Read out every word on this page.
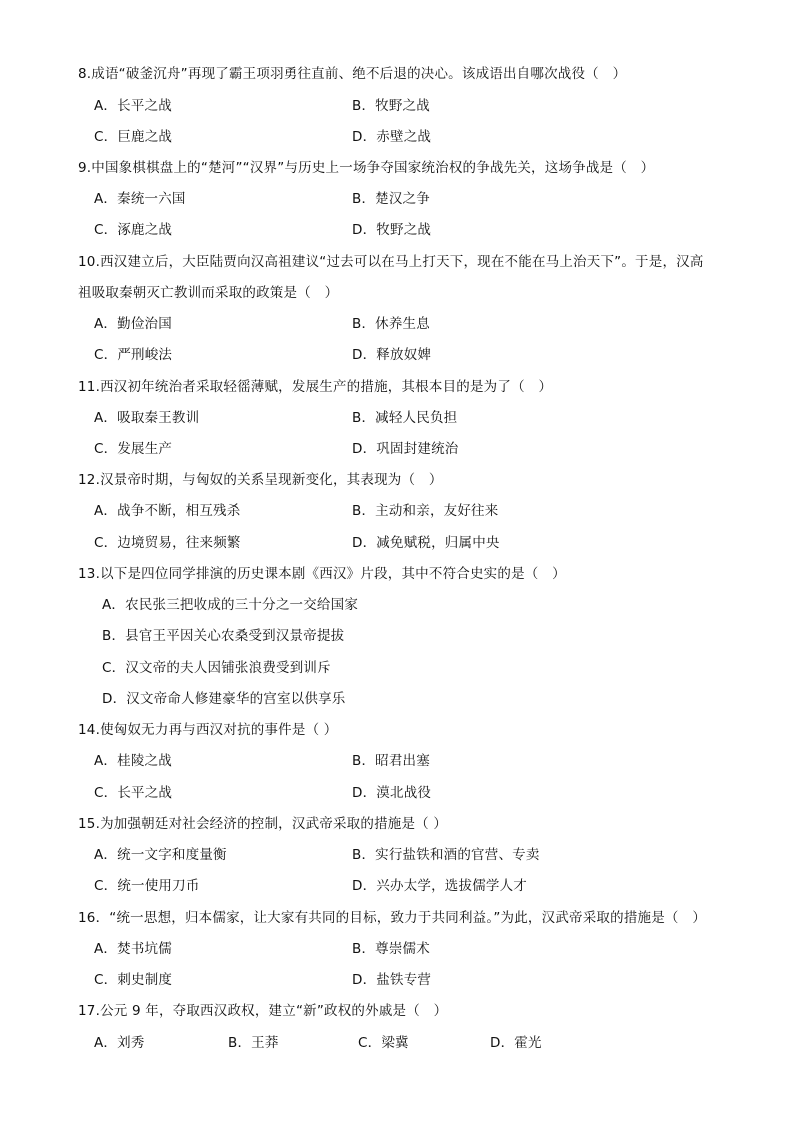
8.成语“破釜沉舟”再现了霸王项羽勇往直前、绝不后退的决心。该成语出自哪次战役（　）
A．长平之战	B．牧野之战
C．巨鹿之战	D．赤壁之战
9.中国象棋棋盘上的“楚河”“汉界”与历史上一场争夺国家统治权的争战先关，这场争战是（　）
A．秦统一六国	B．楚汉之争
C．涿鹿之战	D．牧野之战
10.西汉建立后，大臣陆贾向汉高祖建议“过去可以在马上打天下，现在不能在马上治天下”。于是，汉高
祖吸取秦朝灭亡教训而采取的政策是（　）
A．勤俭治国	B．休养生息
C．严刑峻法	D．释放奴婢
11.西汉初年统治者采取轻徭薄赋，发展生产的措施，其根本目的是为了（　）
A．吸取秦王教训	B．减轻人民负担
C．发展生产	D．巩固封建统治
12.汉景帝时期，与匈奴的关系呈现新变化，其表现为（　）
A．战争不断，相互残杀	B．主动和亲，友好往来
C．边境贸易，往来频繁	D．减免赋税，归属中央
13.以下是四位同学排演的历史课本剧《西汉》片段，其中不符合史实的是（　）
A．农民张三把收成的三十分之一交给国家
B．县官王平因关心农桑受到汉景帝提拔
C．汉文帝的夫人因铺张浪费受到训斥
D．汉文帝命人修建豪华的宫室以供享乐
14.使匈奴无力再与西汉对抗的事件是（ ）
A．桂陵之战	B．昭君出塞
C．长平之战	D．漠北战役
15.为加强朝廷对社会经济的控制，汉武帝采取的措施是（ ）
A．统一文字和度量衡	B．实行盐铁和酒的官营、专卖
C．统一使用刀币	D．兴办太学，选拔儒学人才
16．“统一思想，归本儒家，让大家有共同的目标，致力于共同利益。”为此，汉武帝采取的措施是（　）
A．焚书坑儒	B．尊崇儒术
C．刺史制度	D．盐铁专营
17.公元 9 年，夺取西汉政权，建立“新”政权的外戚是（　）
A．刘秀	B．王莽	C．梁冀	D．霍光
